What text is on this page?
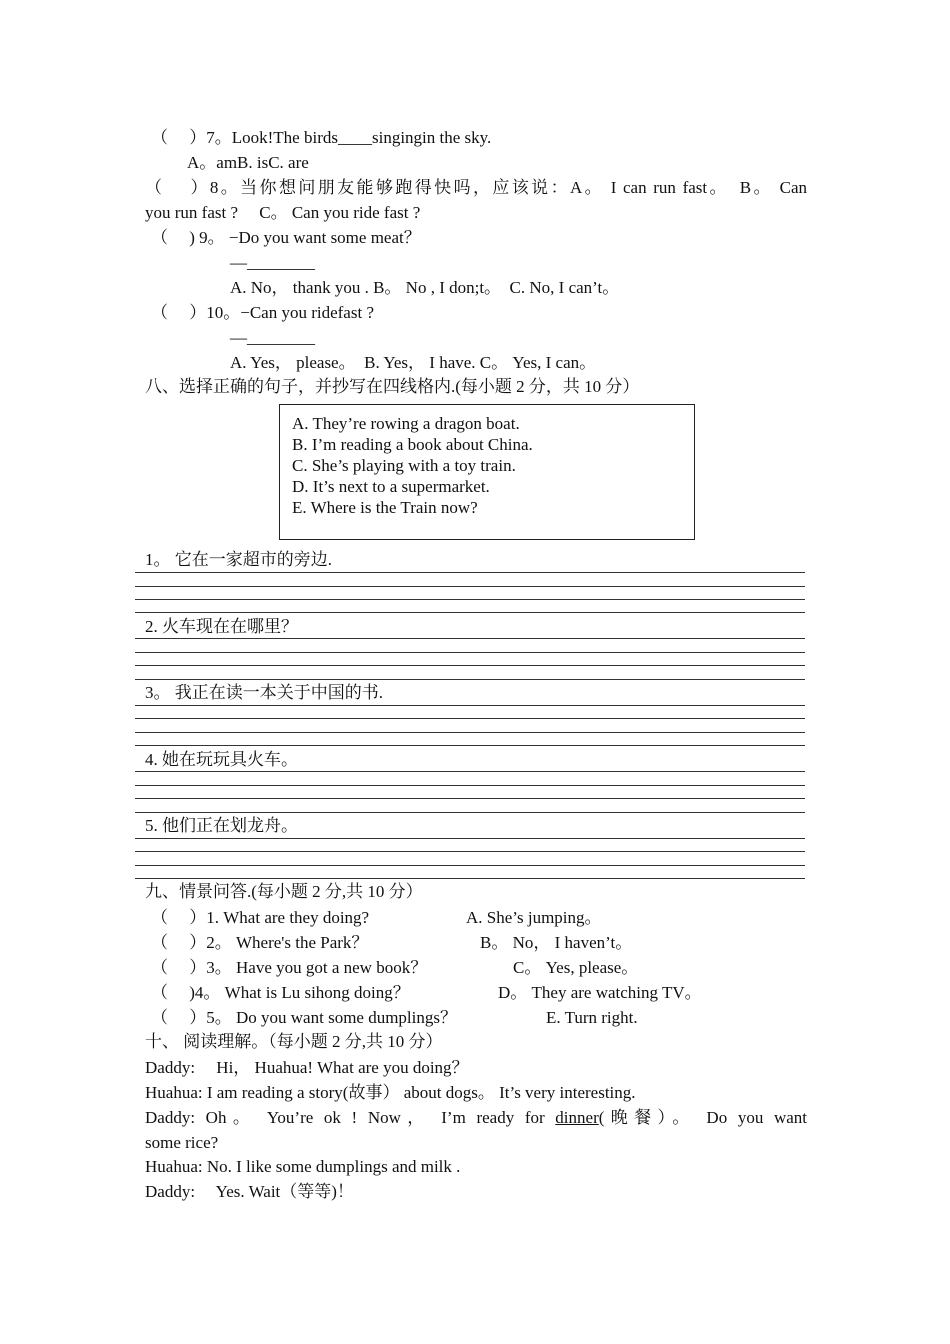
（　 ）7。Look!The birds____singingin the sky.
A。amB. isC. are
（　 ）8。当你想问朋友能够跑得快吗，应该说：A。 I can run fast。　B。 Can
you run fast ?　 C。 Can you ride fast ?
（　 ) 9。 −Do you want some meat？
—________
A. No， thank you . B。 No , I don;t。　C. No, I can’t。
（　 ）10。−Can you ridefast ?
—________
A. Yes， please。　B. Yes， I have. C。 Yes, I can。
八、选择正确的句子，并抄写在四线格内.(每小题 2 分，共 10 分）
A. They’re rowing a dragon boat.
B. I’m reading a book about China.
C. She’s playing with a toy train.
D. It’s next to a supermarket.
E. Where is the Train now?
1。 它在一家超市的旁边.
2. 火车现在在哪里？
3。 我正在读一本关于中国的书.
4. 她在玩玩具火车。
5. 他们正在划龙舟。
九、情景问答.(每小题 2 分,共 10 分）
（　 ）1. What are they doing?	A. She’s jumping。
（　 ）2。 Where's the Park？	B。 No， I haven’t。
（　 ）3。 Have you got a new book？	C。 Yes, please。
（　 )4。 What is Lu sihong doing？	D。 They are watching TV。
（　 ）5。 Do you want some dumplings？	E. Turn right.
十、 阅读理解。（每小题 2 分,共 10 分）
Daddy:　 Hi， Huahua! What are you doing？
Huahua: I am reading a story(故事） about dogs。 It’s very interesting.
Daddy: Oh。 You’re ok ! Now， I’m ready for dinner(晚餐）。 Do you want
some rice?
Huahua: No. I like some dumplings and milk .
Daddy:　 Yes. Wait（等等)！
